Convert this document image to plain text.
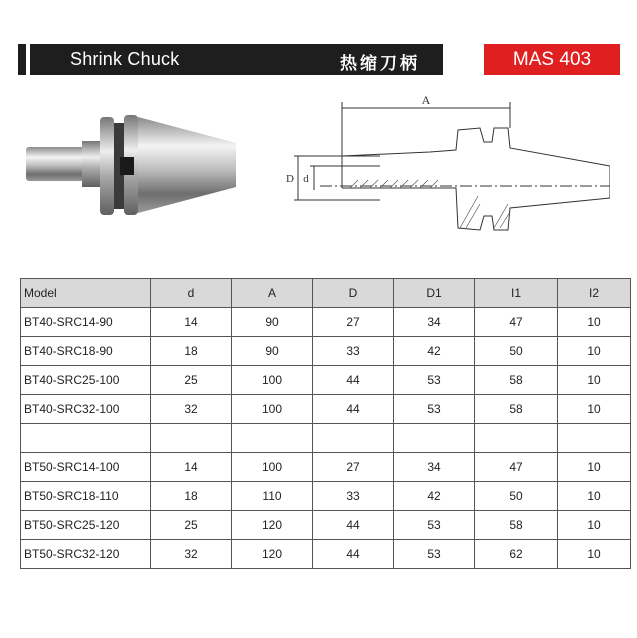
Shrink Chuck	热缩刀柄	MAS 403
A
D d
Model	d	A	D	D1	I1	I2
BT40-SRC14-90	14	90	27	34	47	10
BT40-SRC18-90	18	90	33	42	50	10
BT40-SRC25-100	25	100	44	53	58	10
BT40-SRC32-100	32	100	44	53	58	10

BT50-SRC14-100	14	100	27	34	47	10
BT50-SRC18-110	18	110	33	42	50	10
BT50-SRC25-120	25	120	44	53	58	10
BT50-SRC32-120	32	120	44	53	62	10
